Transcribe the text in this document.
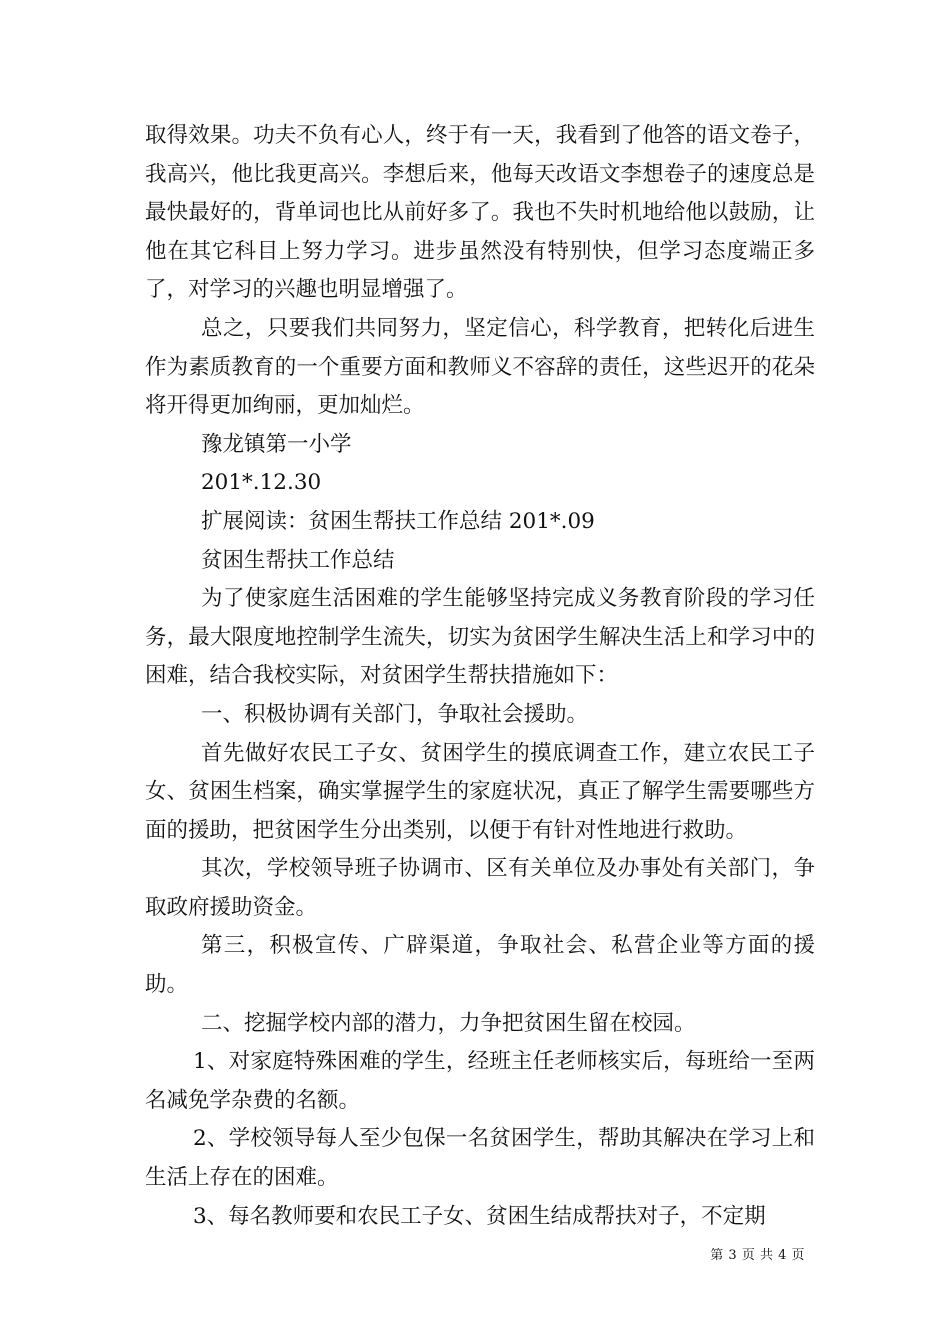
取得效果。功夫不负有心人，终于有一天，我看到了他答的语文卷子，我高兴，他比我更高兴。李想后来，他每天改语文李想卷子的速度总是最快最好的，背单词也比从前好多了。我也不失时机地给他以鼓励，让他在其它科目上努力学习。进步虽然没有特别快，但学习态度端正多了，对学习的兴趣也明显增强了。

总之，只要我们共同努力，坚定信心，科学教育，把转化后进生作为素质教育的一个重要方面和教师义不容辞的责任，这些迟开的花朵将开得更加绚丽，更加灿烂。

豫龙镇第一小学

201*.12.30

扩展阅读：贫困生帮扶工作总结 201*.09

贫困生帮扶工作总结

为了使家庭生活困难的学生能够坚持完成义务教育阶段的学习任务，最大限度地控制学生流失，切实为贫困学生解决生活上和学习中的困难，结合我校实际，对贫困学生帮扶措施如下：

一、积极协调有关部门，争取社会援助。

首先做好农民工子女、贫困学生的摸底调查工作，建立农民工子女、贫困生档案，确实掌握学生的家庭状况，真正了解学生需要哪些方面的援助，把贫困学生分出类别，以便于有针对性地进行救助。

其次，学校领导班子协调市、区有关单位及办事处有关部门，争取政府援助资金。

第三，积极宣传、广辟渠道，争取社会、私营企业等方面的援助。

二、挖掘学校内部的潜力，力争把贫困生留在校园。

1、对家庭特殊困难的学生，经班主任老师核实后，每班给一至两名减免学杂费的名额。

2、学校领导每人至少包保一名贫困学生，帮助其解决在学习上和生活上存在的困难。

3、每名教师要和农民工子女、贫困生结成帮扶对子，不定期

第 3 页 共 4 页
